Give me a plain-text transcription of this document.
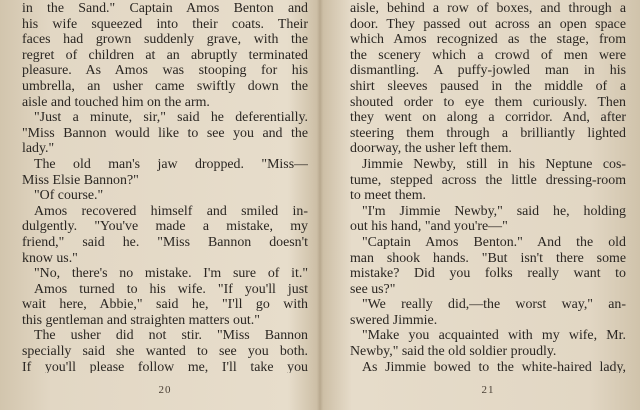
in the Sand." Captain Amos Benton and
his wife squeezed into their coats. Their
faces had grown suddenly grave, with the
regret of children at an abruptly terminated
pleasure. As Amos was stooping for his
umbrella, an usher came swiftly down the
aisle and touched him on the arm.
"Just a minute, sir," said he deferentially.
"Miss Bannon would like to see you and the
lady."
The old man's jaw dropped. "Miss—
Miss Elsie Bannon?"
"Of course."
Amos recovered himself and smiled in-
dulgently. "You've made a mistake, my
friend," said he. "Miss Bannon doesn't
know us."
"No, there's no mistake. I'm sure of it."
Amos turned to his wife. "If you'll just
wait here, Abbie," said he, "I'll go with
this gentleman and straighten matters out."
The usher did not stir. "Miss Bannon
specially said she wanted to see you both.
If you'll please follow me, I'll take you
20
aisle, behind a row of boxes, and through a
door. They passed out across an open space
which Amos recognized as the stage, from
the scenery which a crowd of men were
dismantling. A puffy-jowled man in his
shirt sleeves paused in the middle of a
shouted order to eye them curiously. Then
they went on along a corridor. And, after
steering them through a brilliantly lighted
doorway, the usher left them.
Jimmie Newby, still in his Neptune cos-
tume, stepped across the little dressing-room
to meet them.
"I'm Jimmie Newby," said he, holding
out his hand, "and you're—"
"Captain Amos Benton." And the old
man shook hands. "But isn't there some
mistake? Did you folks really want to
see us?"
"We really did,—the worst way," an-
swered Jimmie.
"Make you acquainted with my wife, Mr.
Newby," said the old soldier proudly.
As Jimmie bowed to the white-haired lady,
21
